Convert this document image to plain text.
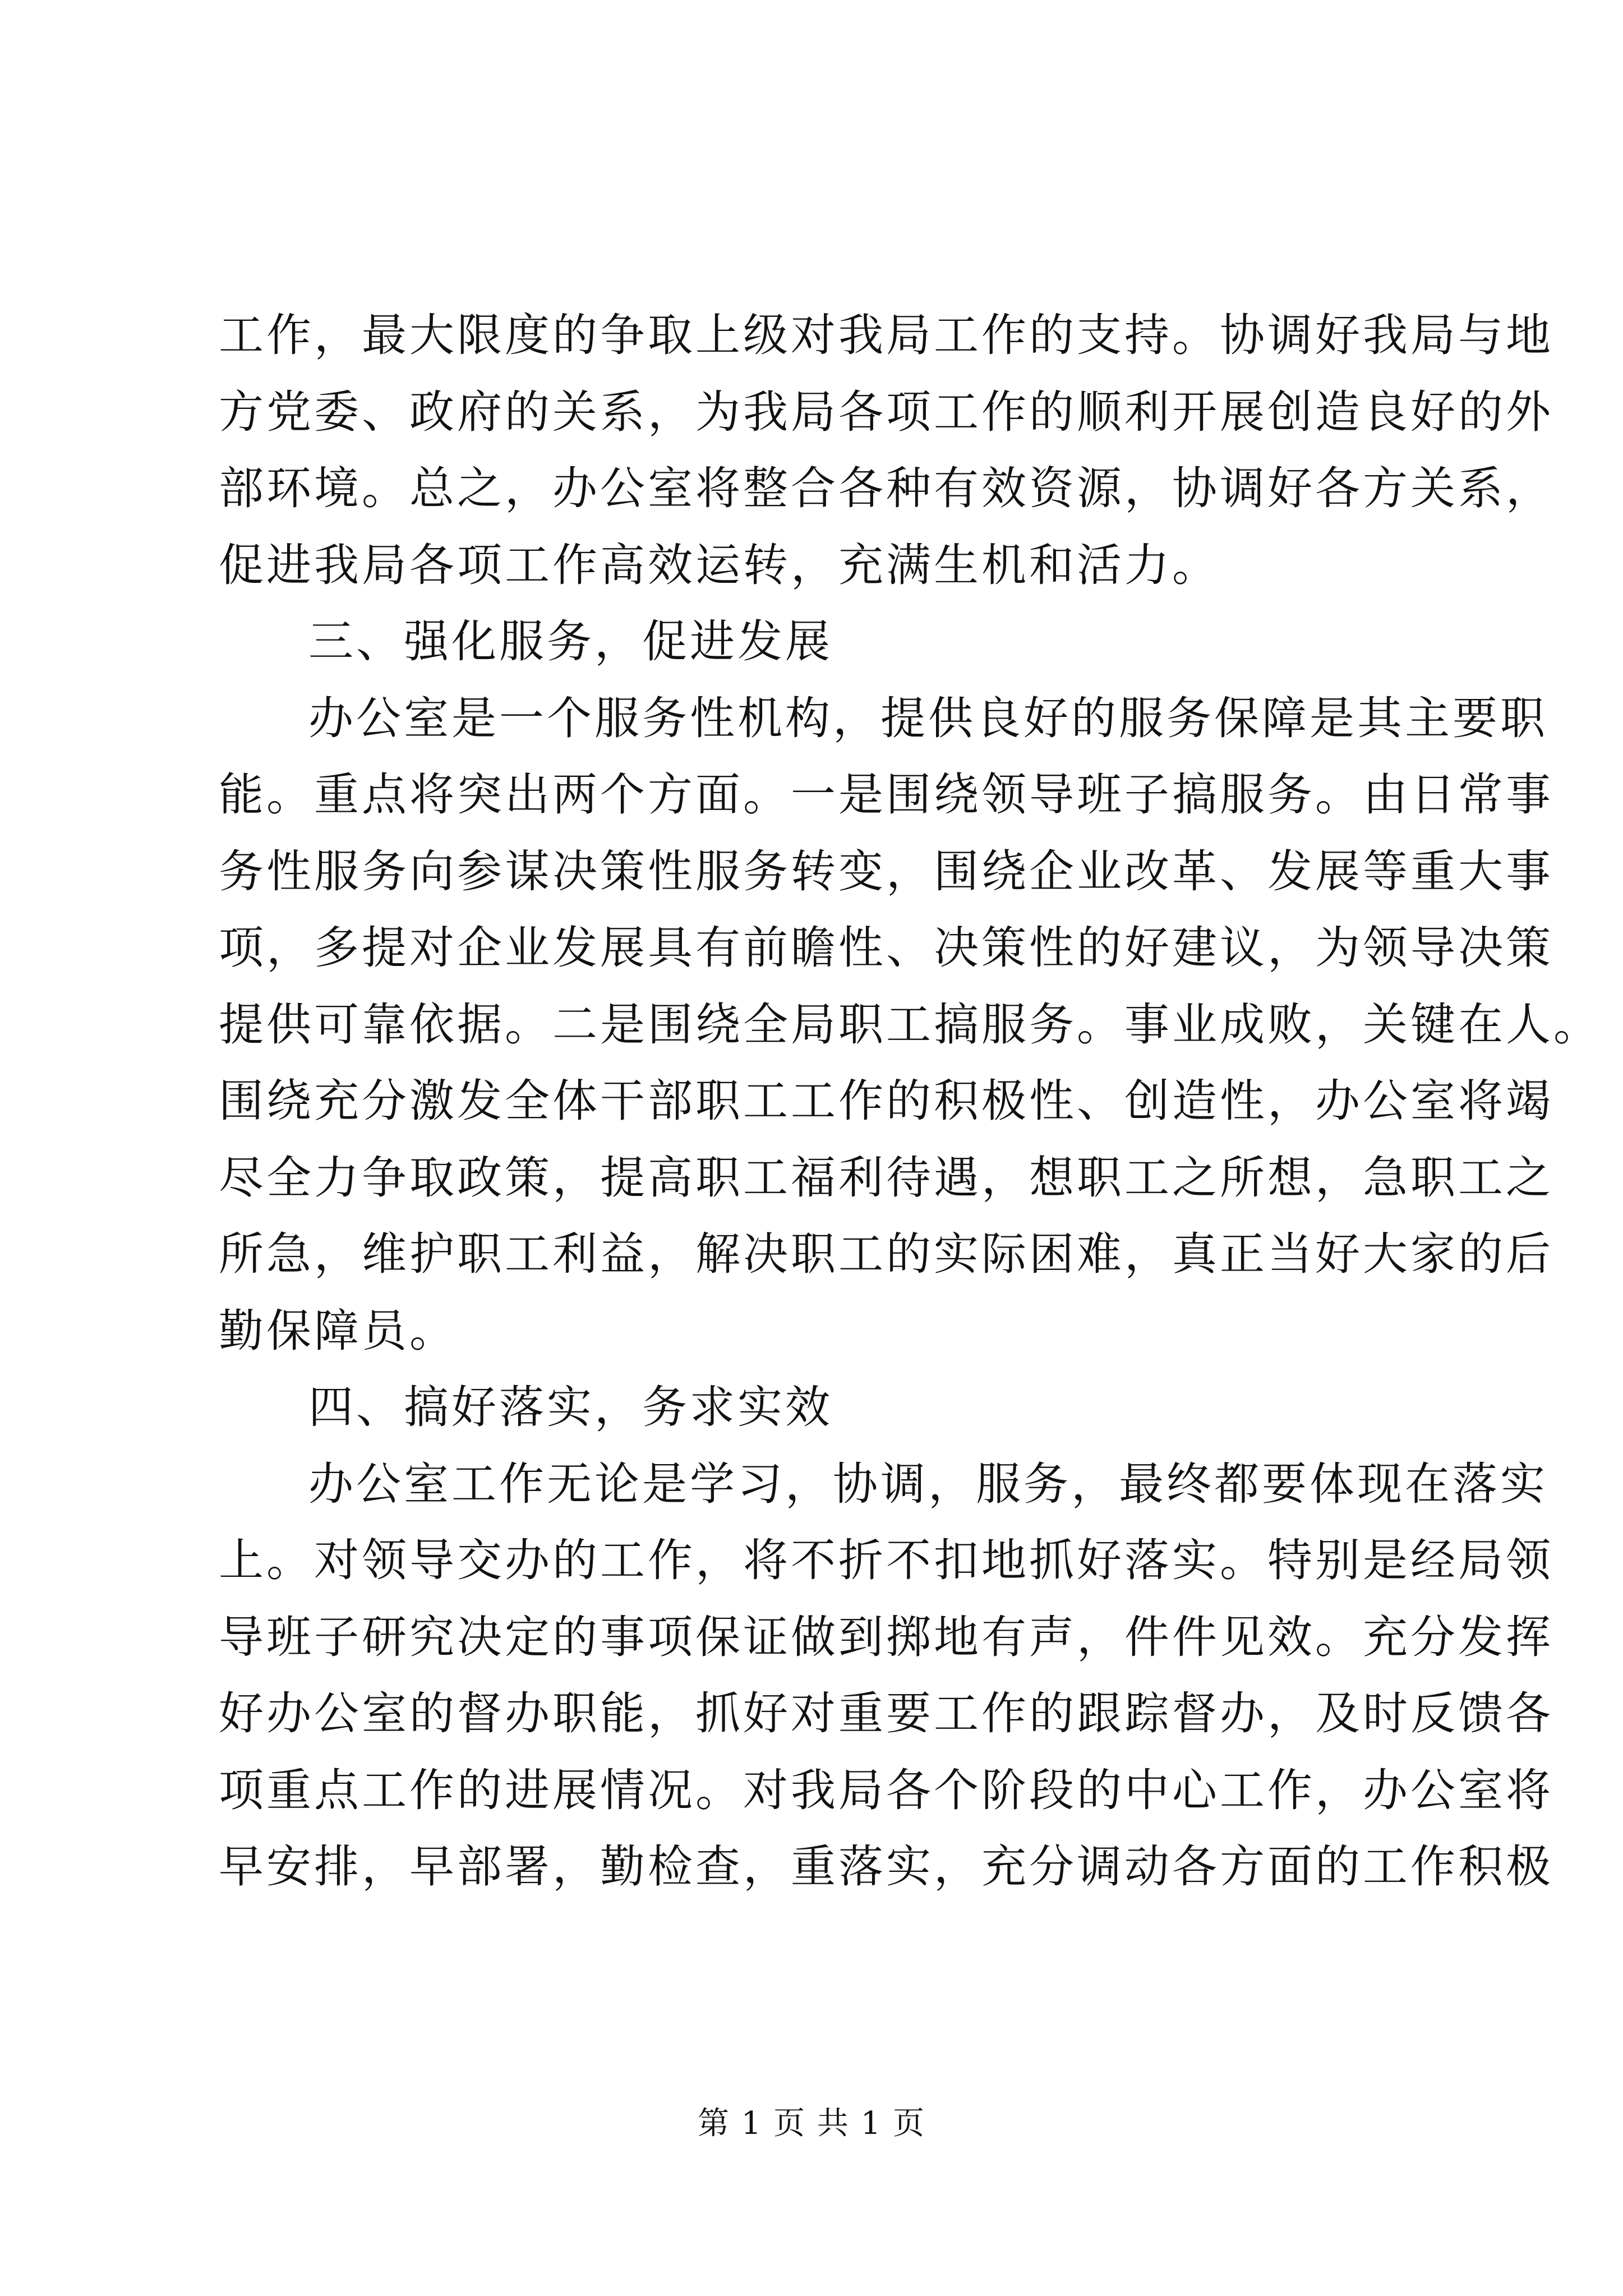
工作，最大限度的争取上级对我局工作的支持。协调好我局与地
方党委、政府的关系，为我局各项工作的顺利开展创造良好的外
部环境。总之，办公室将整合各种有效资源，协调好各方关系，
促进我局各项工作高效运转，充满生机和活力。
三、强化服务，促进发展
办公室是一个服务性机构，提供良好的服务保障是其主要职
能。重点将突出两个方面。一是围绕领导班子搞服务。由日常事
务性服务向参谋决策性服务转变，围绕企业改革、发展等重大事
项，多提对企业发展具有前瞻性、决策性的好建议，为领导决策
提供可靠依据。二是围绕全局职工搞服务。事业成败，关键在人。
围绕充分激发全体干部职工工作的积极性、创造性，办公室将竭
尽全力争取政策，提高职工福利待遇，想职工之所想，急职工之
所急，维护职工利益，解决职工的实际困难，真正当好大家的后
勤保障员。
四、搞好落实，务求实效
办公室工作无论是学习，协调，服务，最终都要体现在落实
上。对领导交办的工作，将不折不扣地抓好落实。特别是经局领
导班子研究决定的事项保证做到掷地有声，件件见效。充分发挥
好办公室的督办职能，抓好对重要工作的跟踪督办，及时反馈各
项重点工作的进展情况。对我局各个阶段的中心工作，办公室将
早安排，早部署，勤检查，重落实，充分调动各方面的工作积极
第 1 页 共 1 页
